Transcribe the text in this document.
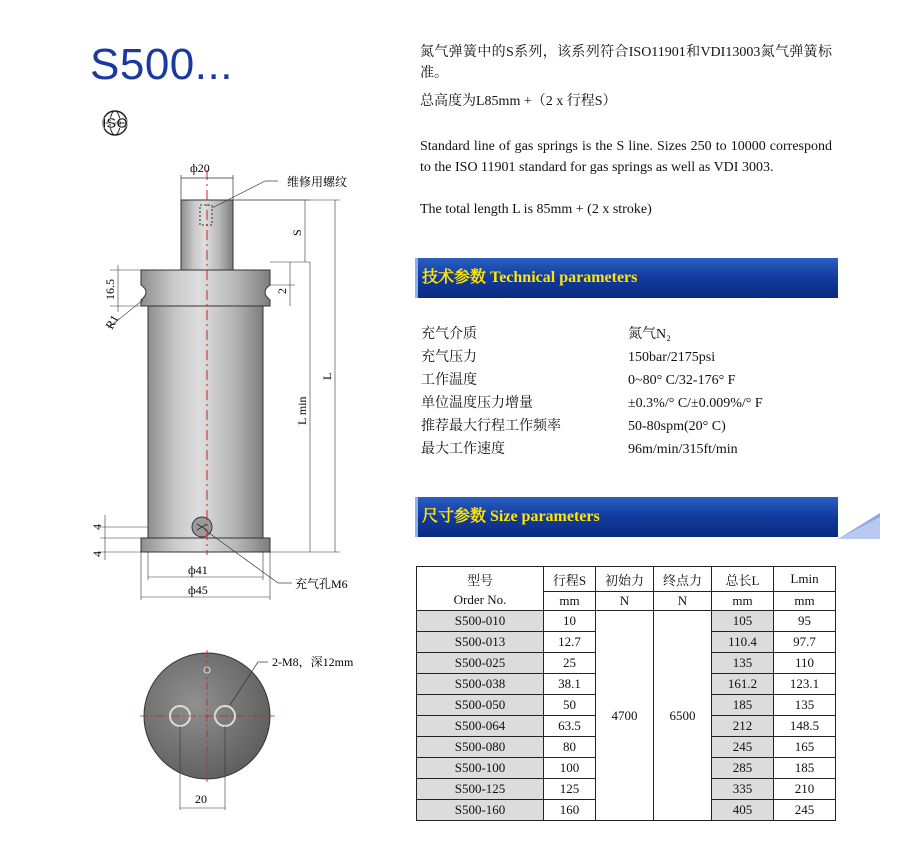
S500...
ISO
ф20
维修用螺纹
S
2
L min
L
16.5
R1
4
4
ф41
ф45	充气孔M6
2-M8，深12mm
20
氮气弹簧中的S系列，该系列符合ISO11901和VDI13003氮气弹簧标准。
总高度为L85mm +（2 x 行程S）
Standard line of gas springs is the S line. Sizes 250 to 10000 correspond to the ISO 11901 standard for gas springs as well as VDI 3003.
The total length L is 85mm + (2 x stroke)
技术参数 Technical parameters
充气介质	氮气N₂
充气压力	150bar/2175psi
工作温度	0~80° C/32-176° F
单位温度压力增量	±0.3%/° C/±0.009%/° F
推荐最大行程工作频率	50-80spm(20° C)
最大工作速度	96m/min/315ft/min
尺寸参数 Size parameters
型号
Order No.	行程S	初始力	终点力	总长L	Lmin
	mm	N	N	mm	mm
S500-010	10	4700	6500	105	95
S500-013	12.7			110.4	97.7
S500-025	25			135	110
S500-038	38.1			161.2	123.1
S500-050	50			185	135
S500-064	63.5			212	148.5
S500-080	80			245	165
S500-100	100			285	185
S500-125	125			335	210
S500-160	160			405	245
